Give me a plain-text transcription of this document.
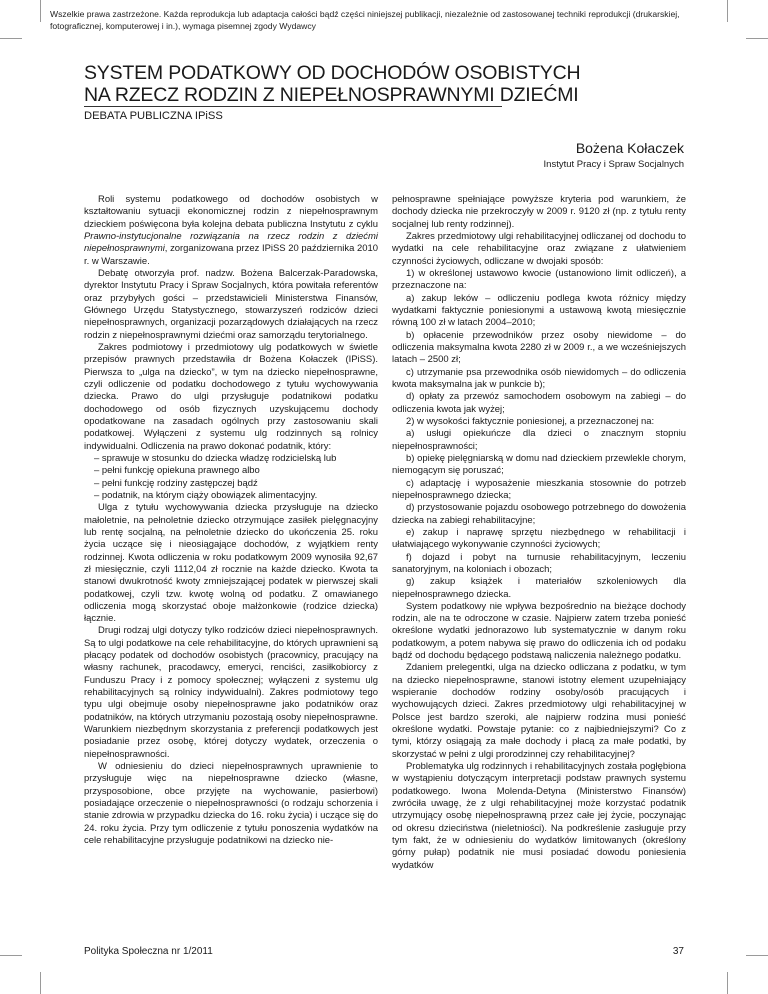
Wszelkie prawa zastrzeżone. Każda reprodukcja lub adaptacja całości bądź części niniejszej publikacji, niezależnie od zastosowanej techniki reprodukcji (drukarskiej, fotograficznej, komputerowej i in.), wymaga pisemnej zgody Wydawcy
SYSTEM PODATKOWY OD DOCHODÓW OSOBISTYCH
NA RZECZ RODZIN Z NIEPEŁNOSPRAWNYMI DZIEĆMI
DEBATA PUBLICZNA IPiSS
Bożena Kołaczek
Instytut Pracy i Spraw Socjalnych

Roli systemu podatkowego od dochodów osobistych w kształtowaniu sytuacji ekonomicznej rodzin z niepełnosprawnym dzieckiem poświęcona była kolejna debata publiczna Instytutu z cyklu Prawno-instytucjonalne rozwiązania na rzecz rodzin z dziećmi niepełnosprawnymi, zorganizowana przez IPiSS 20 października 2010 r. w Warszawie.

Debatę otworzyła prof. nadzw. Bożena Balcerzak-Paradowska, dyrektor Instytutu Pracy i Spraw Socjalnych, która powitała referentów oraz przybyłych gości – przedstawicieli Ministerstwa Finansów, Głównego Urzędu Statystycznego, stowarzyszeń rodziców dzieci niepełnosprawnych, organizacji pozarządowych działających na rzecz rodzin z niepełnosprawnymi dziećmi oraz samorządu terytorialnego.

Zakres podmiotowy i przedmiotowy ulg podatkowych w świetle przepisów prawnych przedstawiła dr Bożena Kołaczek (IPiSS). Pierwsza to „ulga na dziecko”, w tym na dziecko niepełnosprawne, czyli odliczenie od podatku dochodowego z tytułu wychowywania dziecka. Prawo do ulgi przysługuje podatnikowi podatku dochodowego od osób fizycznych uzyskującemu dochody opodatkowane na zasadach ogólnych przy zastosowaniu skali podatkowej. Wyłączeni z systemu ulg rodzinnych są rolnicy indywidualni. Odliczenia na prawo dokonać podatnik, który:

– sprawuje w stosunku do dziecka władzę rodzicielską lub

– pełni funkcję opiekuna prawnego albo

– pełni funkcję rodziny zastępczej bądź

– podatnik, na którym ciąży obowiązek alimentacyjny.

Ulga z tytułu wychowywania dziecka przysługuje na dziecko małoletnie, na pełnoletnie dziecko otrzymujące zasiłek pielęgnacyjny lub rentę socjalną, na pełnoletnie dziecko do ukończenia 25. roku życia uczące się i nieosiągające dochodów, z wyjątkiem renty rodzinnej. Kwota odliczenia w roku podatkowym 2009 wynosiła 92,67 zł miesięcznie, czyli 1112,04 zł rocznie na każde dziecko. Kwota ta stanowi dwukrotność kwoty zmniejszającej podatek w pierwszej skali podatkowej, czyli tzw. kwotę wolną od podatku. Z omawianego odliczenia mogą skorzystać oboje małżonkowie (rodzice dziecka) łącznie.

Drugi rodzaj ulgi dotyczy tylko rodziców dzieci niepełnosprawnych. Są to ulgi podatkowe na cele rehabilitacyjne, do których uprawnieni są płacący podatek od dochodów osobistych (pracownicy, pracujący na własny rachunek, pracodawcy, emeryci, renciści, zasiłkobiorcy z Funduszu Pracy i z pomocy społecznej; wyłączeni z systemu ulg rehabilitacyjnych są rolnicy indywidualni). Zakres podmiotowy tego typu ulgi obejmuje osoby niepełnosprawne jako podatników oraz podatników, na których utrzymaniu pozostają osoby niepełnosprawne. Warunkiem niezbędnym skorzystania z preferencji podatkowych jest posiadanie przez osobę, której dotyczy wydatek, orzeczenia o niepełnosprawności.

W odniesieniu do dzieci niepełnosprawnych uprawnienie to przysługuje więc na niepełnosprawne dziecko (własne, przysposobione, obce przyjęte na wychowanie, pasierbowi) posiadające orzeczenie o niepełnosprawności (o rodzaju schorzenia i stanie zdrowia w przypadku dziecka do 16. roku życia) i uczące się do 24. roku życia. Przy tym odliczenie z tytułu ponoszenia wydatków na cele rehabilitacyjne przysługuje podatnikowi na dziecko nie-

pełnosprawne spełniające powyższe kryteria pod warunkiem, że dochody dziecka nie przekroczyły w 2009 r. 9120 zł (np. z tytułu renty socjalnej lub renty rodzinnej).

Zakres przedmiotowy ulgi rehabilitacyjnej odliczanej od dochodu to wydatki na cele rehabilitacyjne oraz związane z ułatwieniem czynności życiowych, odliczane w dwojaki sposób:

1) w określonej ustawowo kwocie (ustanowiono limit odliczeń), a przeznaczone na:

a) zakup leków – odliczeniu podlega kwota różnicy między wydatkami faktycznie poniesionymi a ustawową kwotą miesięcznie równą 100 zł w latach 2004–2010;

b) opłacenie przewodników przez osoby niewidome – do odliczenia maksymalna kwota 2280 zł w 2009 r., a we wcześniejszych latach – 2500 zł;

c) utrzymanie psa przewodnika osób niewidomych – do odliczenia kwota maksymalna jak w punkcie b);

d) opłaty za przewóz samochodem osobowym na zabiegi – do odliczenia kwota jak wyżej;

2) w wysokości faktycznie poniesionej, a przeznaczonej na:

a) usługi opiekuńcze dla dzieci o znacznym stopniu niepełnosprawności;

b) opiekę pielęgniarską w domu nad dzieckiem przewlekle chorym, niemogącym się poruszać;

c) adaptację i wyposażenie mieszkania stosownie do potrzeb niepełnosprawnego dziecka;

d) przystosowanie pojazdu osobowego potrzebnego do dowożenia dziecka na zabiegi rehabilitacyjne;

e) zakup i naprawę sprzętu niezbędnego w rehabilitacji i ułatwiającego wykonywanie czynności życiowych;

f) dojazd i pobyt na turnusie rehabilitacyjnym, leczeniu sanatoryjnym, na koloniach i obozach;

g) zakup książek i materiałów szkoleniowych dla niepełnosprawnego dziecka.

System podatkowy nie wpływa bezpośrednio na bieżące dochody rodzin, ale na te odroczone w czasie. Najpierw zatem trzeba ponieść określone wydatki jednorazowo lub systematycznie w danym roku podatkowym, a potem nabywa się prawo do odliczenia ich od podaku bądź od dochodu będącego podstawą naliczenia należnego podatku.

Zdaniem prelegentki, ulga na dziecko odliczana z podatku, w tym na dziecko niepełnosprawne, stanowi istotny element uzupełniający wspieranie dochodów rodziny osoby/osób pracujących i wychowujących dzieci. Zakres przedmiotowy ulgi rehabilitacyjnej w Polsce jest bardzo szeroki, ale najpierw rodzina musi ponieść określone wydatki. Powstaje pytanie: co z najbiedniejszymi? Co z tymi, którzy osiągają za małe dochody i płacą za małe podatki, by skorzystać w pełni z ulgi prorodzinnej czy rehabilitacyjnej?

Problematyka ulg rodzinnych i rehabilitacyjnych została pogłębiona w wystąpieniu dotyczącym interpretacji podstaw prawnych systemu podatkowego. Iwona Molenda-Detyna (Ministerstwo Finansów) zwróciła uwagę, że z ulgi rehabilitacyjnej może korzystać podatnik utrzymujący osobę niepełnosprawną przez całe jej życie, poczynając od okresu dzieciństwa (nieletniości). Na podkreślenie zasługuje przy tym fakt, że w odniesieniu do wydatków limitowanych (określony górny pułap) podatnik nie musi posiadać dowodu poniesienia wydatków

Polityka Społeczna nr 1/2011	37
